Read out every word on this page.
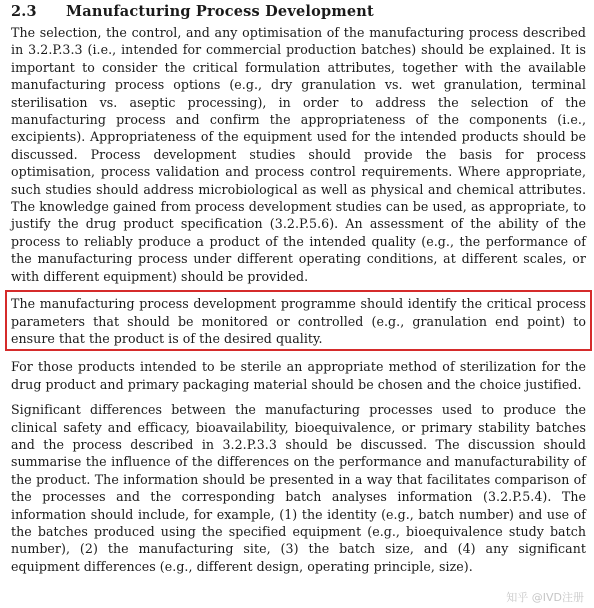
2.3	Manufacturing Process Development

The selection, the control, and any optimisation of the manufacturing process described in 3.2.P.3.3 (i.e., intended for commercial production batches) should be explained. It is important to consider the critical formulation attributes, together with the available manufacturing process options (e.g., dry granulation vs. wet granulation, terminal sterilisation vs. aseptic processing), in order to address the selection of the manufacturing process and confirm the appropriateness of the components (i.e., excipients). Appropriateness of the equipment used for the intended products should be discussed. Process development studies should provide the basis for process optimisation, process validation and process control requirements. Where appropriate, such studies should address microbiological as well as physical and chemical attributes. The knowledge gained from process development studies can be used, as appropriate, to justify the drug product specification (3.2.P.5.6). An assessment of the ability of the process to reliably produce a product of the intended quality (e.g., the performance of the manufacturing process under different operating conditions, at different scales, or with different equipment) should be provided.

The manufacturing process development programme should identify the critical process parameters that should be monitored or controlled (e.g., granulation end point) to ensure that the product is of the desired quality.

For those products intended to be sterile an appropriate method of sterilization for the drug product and primary packaging material should be chosen and the choice justified.

Significant differences between the manufacturing processes used to produce the clinical safety and efficacy, bioavailability, bioequivalence, or primary stability batches and the process described in 3.2.P.3.3 should be discussed. The discussion should summarise the influence of the differences on the performance and manufacturability of the product. The information should be presented in a way that facilitates comparison of the processes and the corresponding batch analyses information (3.2.P.5.4). The information should include, for example, (1) the identity (e.g., batch number) and use of the batches produced using the specified equipment (e.g., bioequivalence study batch number), (2) the manufacturing site, (3) the batch size, and (4) any significant equipment differences (e.g., different design, operating principle, size).

知乎 @IVD注册
